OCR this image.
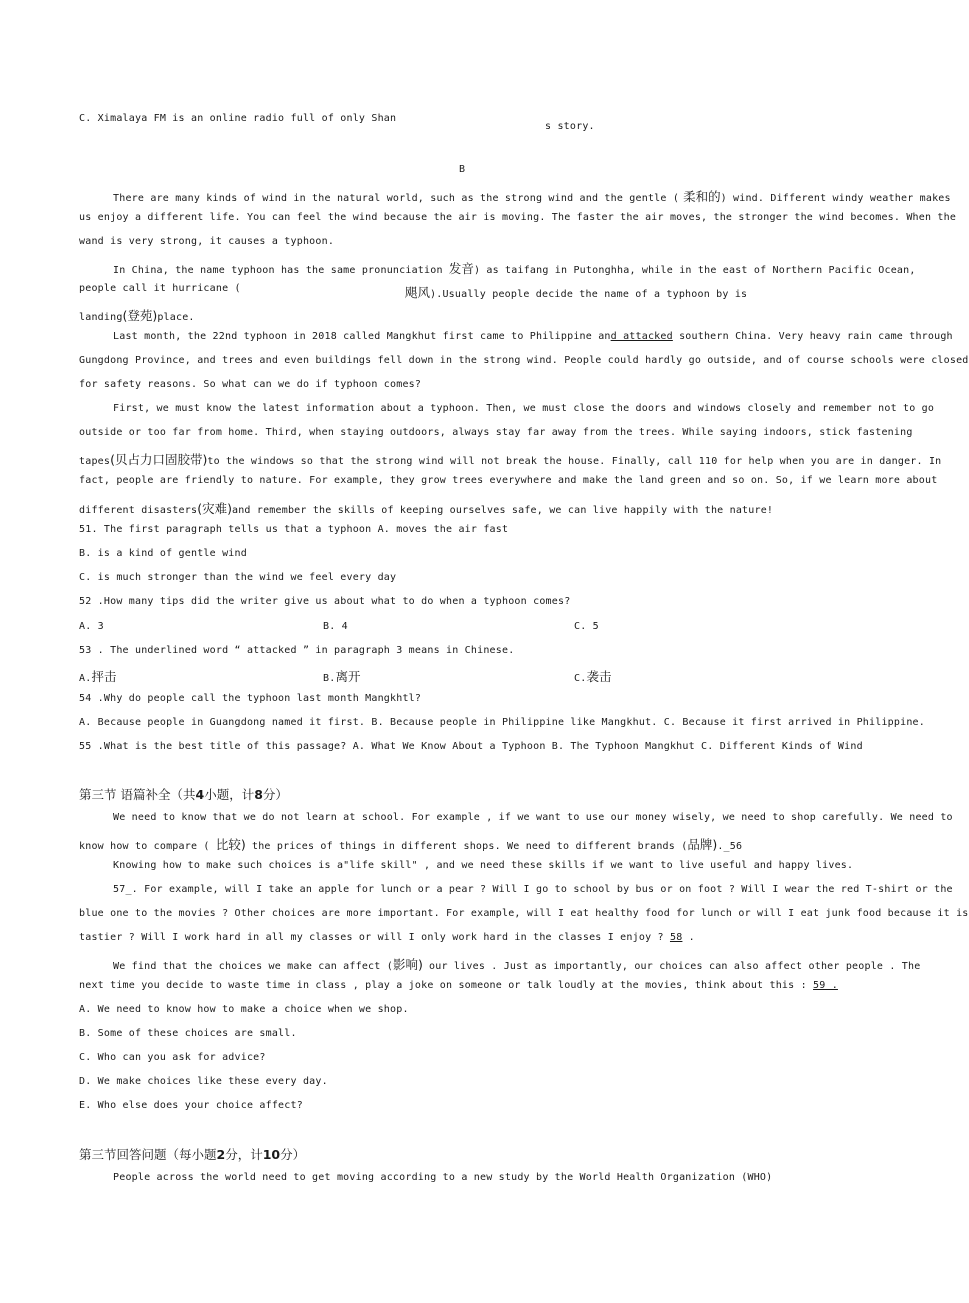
C. Ximalaya FM is an online radio full of only Shan
s story.
B
There are many kinds of wind in the natural world, such as the strong wind and the gentle ( 柔和的) wind. Different windy weather makes
us enjoy a different life. You can feel the wind because the air is moving. The faster the air moves, the stronger the wind becomes. When the
wand is very strong, it causes a typhoon.
In China, the name typhoon has the same pronunciation 发音) as taifang in Putonghha, while in the east of Northern Pacific Ocean,
people call it hurricane (	飓风).Usually people decide the name of a typhoon by is
landing(登苑)place.
Last month, the 22nd typhoon in 2018 called Mangkhut first came to Philippine and attacked southern China. Very heavy rain came through
Gungdong Province, and trees and even buildings fell down in the strong wind. People could hardly go outside, and of course schools were closed
for safety reasons. So what can we do if typhoon comes?
First, we must know the latest information about a typhoon. Then, we must close the doors and windows closely and remember not to go
outside or too far from home. Third, when staying outdoors, always stay far away from the trees. While saying indoors, stick fastening
tapes(贝占力口固胶带)to the windows so that the strong wind will not break the house. Finally, call 110 for help when you are in danger. In
fact, people are friendly to nature. For example, they grow trees everywhere and make the land green and so on. So, if we learn more about
different disasters(灾难)and remember the skills of keeping ourselves safe, we can live happily with the nature!
51. The first paragraph tells us that a typhoon A. moves the air fast
B. is a kind of gentle wind
C. is much stronger than the wind we feel every day
52 .How many tips did the writer give us about what to do when a typhoon comes?
A. 3	B. 4	C. 5
53 . The underlined word “ attacked ” in paragraph 3 means in Chinese.
A.抨击	B.离开	C.袭击
54 .Why do people call the typhoon last month Mangkhtl?
A. Because people in Guangdong named it first. B. Because people in Philippine like Mangkhut. C. Because it first arrived in Philippine.
55 .What is the best title of this passage? A. What We Know About a Typhoon B. The Typhoon Mangkhut C. Different Kinds of Wind
第三节 语篇补全（共4小题，计8分）
We need to know that we do not learn at school. For example , if we want to use our money wisely, we need to shop carefully. We need to
know how to compare ( 比较) the prices of things in different shops. We need to different brands (品牌)._56
Knowing how to make such choices is a"life skill" , and we need these skills if we want to live useful and happy lives.
57_. For example, will I take an apple for lunch or a pear ? Will I go to school by bus or on foot ? Will I wear the red T-shirt or the
blue one to the movies ? Other choices are more important. For example, will I eat healthy food for lunch or will I eat junk food because it is
tastier ? Will I work hard in all my classes or will I only work hard in the classes I enjoy ? 58 .
We find that the choices we make can affect (影响) our lives . Just as importantly, our choices can also affect other people . The
next time you decide to waste time in class , play a joke on someone or talk loudly at the movies, think about this : 59 .
A. We need to know how to make a choice when we shop.
B. Some of these choices are small.
C. Who can you ask for advice?
D. We make choices like these every day.
E. Who else does your choice affect?
第三节回答问题（每小题2分，计10分）
People across the world need to get moving according to a new study by the World Health Organization (WHO)
